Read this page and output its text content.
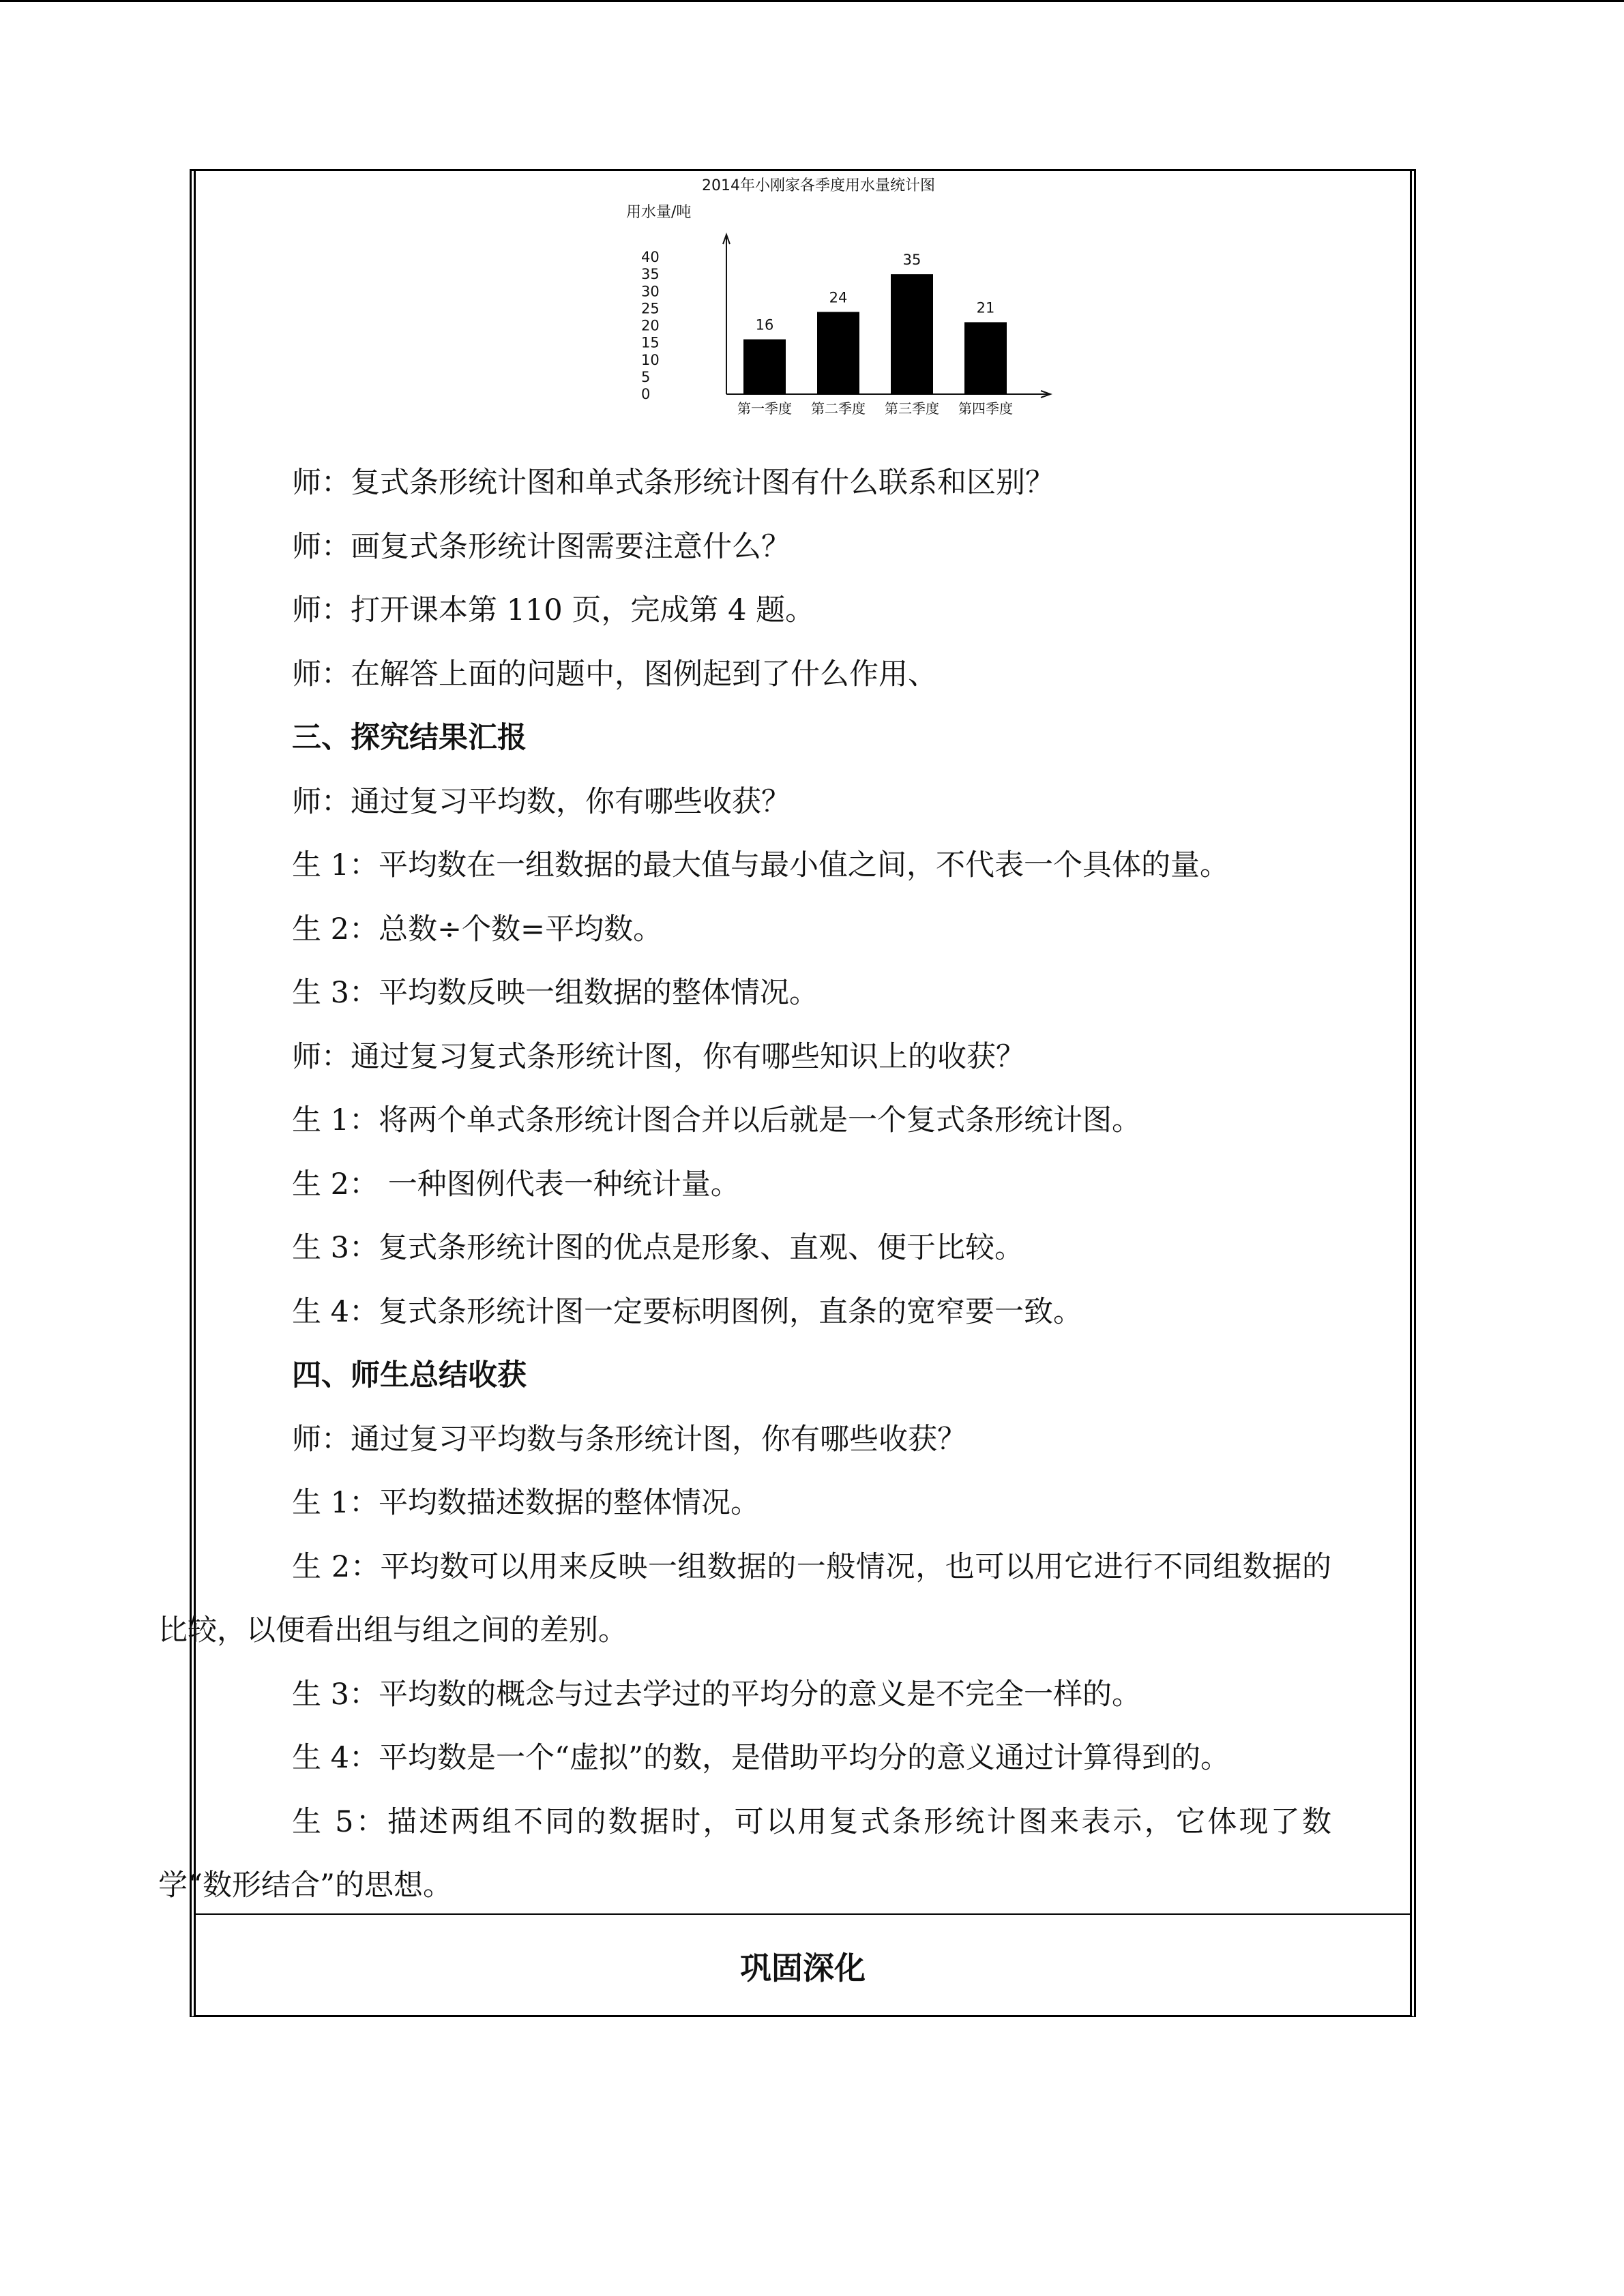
2014年小刚家各季度用水量统计图
用水量/吨
0
5
10
15
20
25
30
35
40
16
24
35
21
第一季度 第二季度 第三季度 第四季度

师：复式条形统计图和单式条形统计图有什么联系和区别？

师：画复式条形统计图需要注意什么？

师：打开课本第 110 页，完成第 4 题。

师：在解答上面的问题中，图例起到了什么作用、

三、探究结果汇报

师：通过复习平均数，你有哪些收获？

生 1：平均数在一组数据的最大值与最小值之间，不代表一个具体的量。

生 2：总数÷个数=平均数。

生 3：平均数反映一组数据的整体情况。

师：通过复习复式条形统计图，你有哪些知识上的收获？

生 1：将两个单式条形统计图合并以后就是一个复式条形统计图。

生 2： 一种图例代表一种统计量。

生 3：复式条形统计图的优点是形象、直观、便于比较。

生 4：复式条形统计图一定要标明图例，直条的宽窄要一致。

四、师生总结收获

师：通过复习平均数与条形统计图，你有哪些收获？

生 1：平均数描述数据的整体情况。

生 2：平均数可以用来反映一组数据的一般情况，也可以用它进行不同组数据的比较，以便看出组与组之间的差别。

生 3：平均数的概念与过去学过的平均分的意义是不完全一样的。

生 4：平均数是一个“虚拟”的数，是借助平均分的意义通过计算得到的。

生 5：描述两组不同的数据时，可以用复式条形统计图来表示，它体现了数学“数形结合”的思想。

巩固深化
